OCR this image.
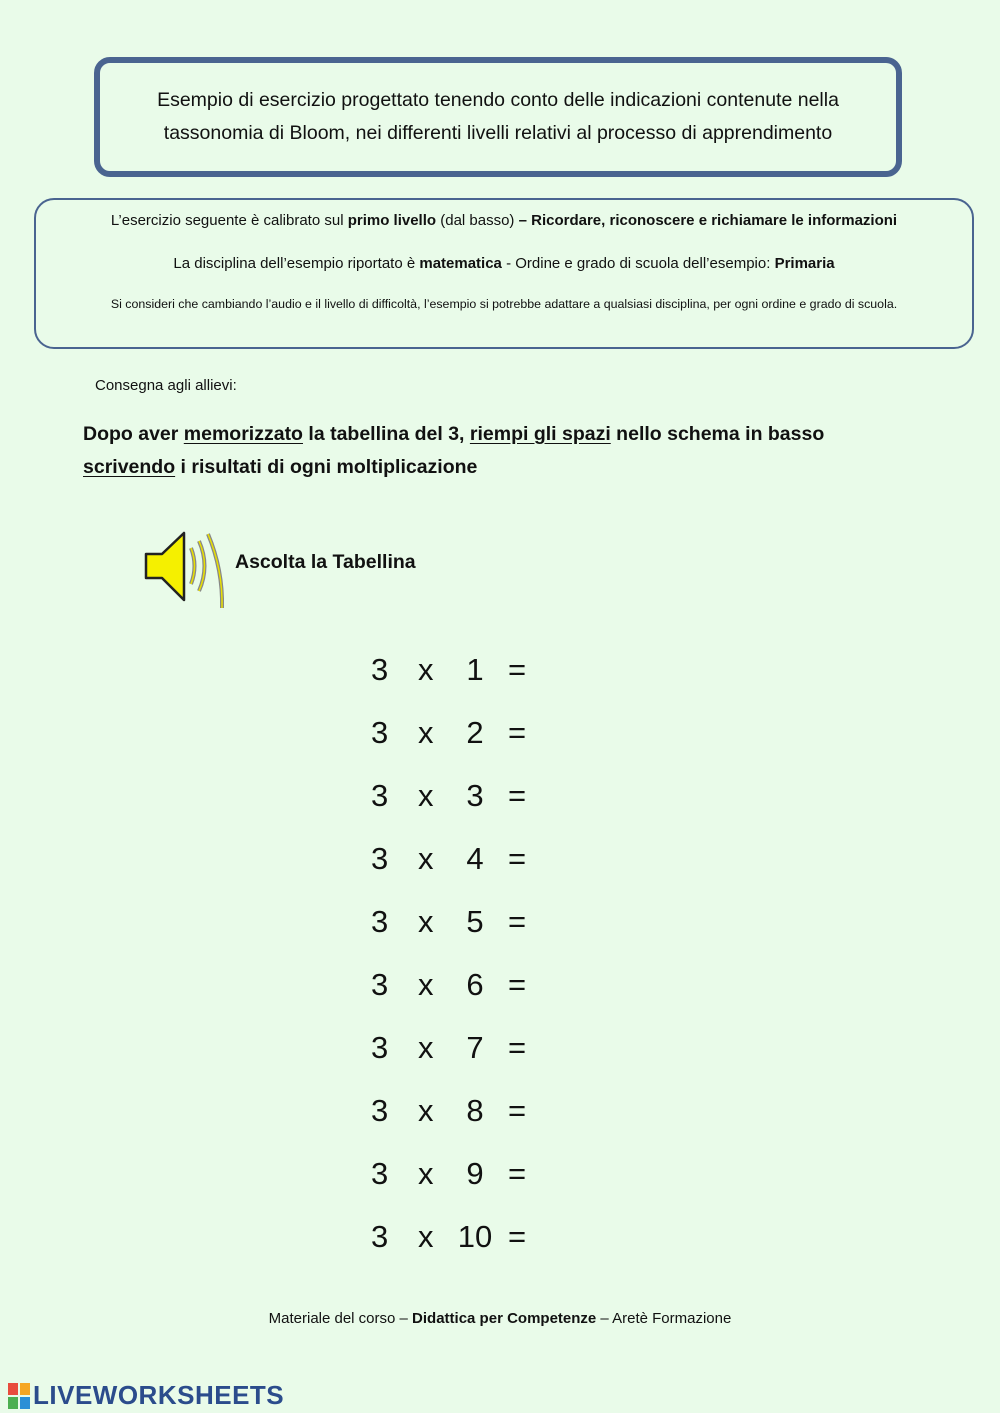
Esempio di esercizio progettato tenendo conto delle indicazioni contenute nella
tassonomia di Bloom, nei differenti livelli relativi al processo di apprendimento
L’esercizio seguente è calibrato sul primo livello (dal basso) – Ricordare, riconoscere e richiamare le informazioni
La disciplina dell’esempio riportato è matematica - Ordine e grado di scuola dell’esempio: Primaria
Si consideri che cambiando l’audio e il livello di difficoltà, l’esempio si potrebbe adattare a qualsiasi disciplina, per ogni ordine e grado di scuola.
Consegna agli allievi:
Dopo aver memorizzato la tabellina del 3, riempi gli spazi nello schema in basso
scrivendo i risultati di ogni moltiplicazione
Ascolta la Tabellina
3 x	1 =
3 x	2 =
3 x	3 =
3 x	4 =
3 x	5 =
3 x	6 =
3 x	7 =
3 x	8 =
3 x	9 =
3 x 10 =
Materiale del corso – Didattica per Competenze – Aretè Formazione
LIVEWORKSHEETS
